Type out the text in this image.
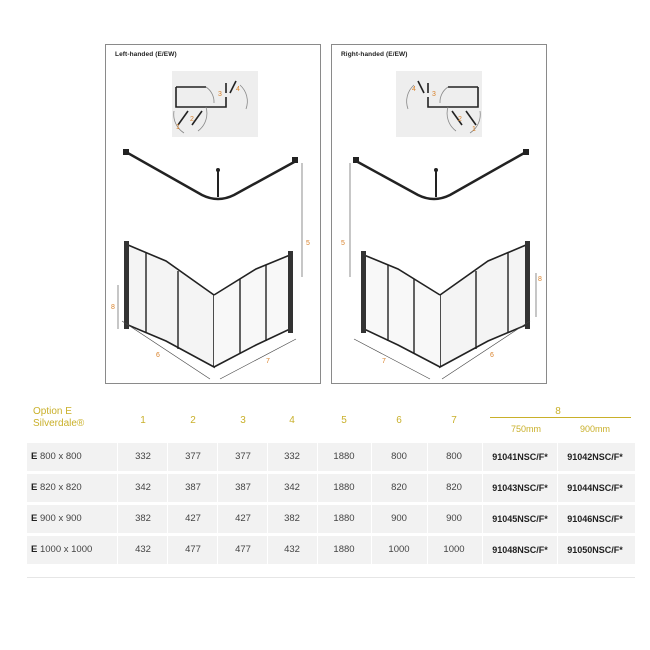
Left-handed (E/EW)
1
2
3
4
5
8
6
7
Right-handed (E/EW)
1
2
3
4
5
8
7
6
Option E
Silverdale®	1	2	3	4	5	6	7
8
750mm	900mm
E 800 x 800	332	377	377	332	1880	800	800	91041NSC/F*	91042NSC/F*
E 820 x 820	342	387	387	342	1880	820	820	91043NSC/F*	91044NSC/F*
E 900 x 900	382	427	427	382	1880	900	900	91045NSC/F*	91046NSC/F*
E 1000 x 1000	432	477	477	432	1880	1000	1000	91048NSC/F*	91050NSC/F*
